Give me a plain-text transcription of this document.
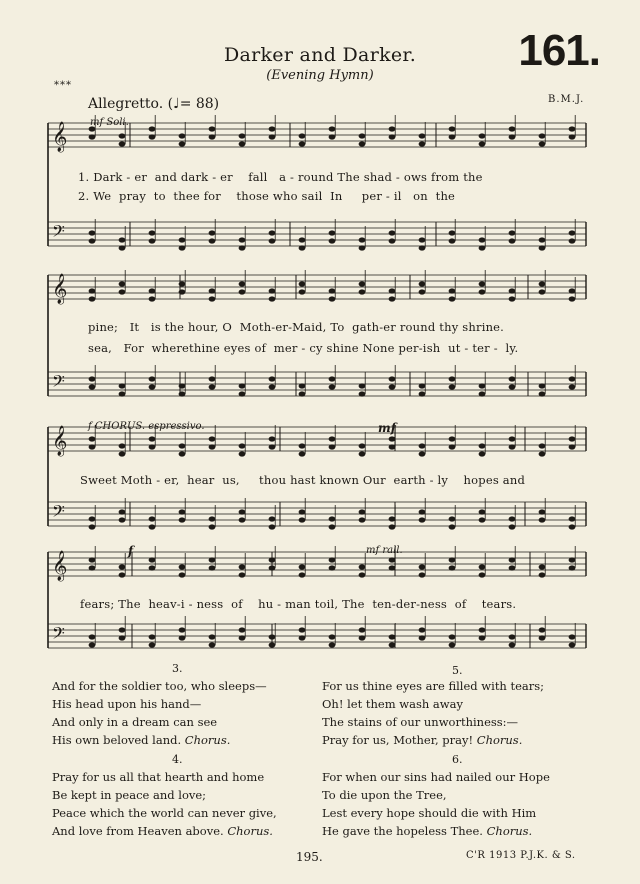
Darker and Darker.
(Evening Hymn)
161.
***
Allegretto. (♩= 88)	B.M.J.
𝄞
𝄢
𝄞
𝄢
𝄞
𝄢
𝄞
𝄢
mf Soli.
f CHORUS. espressivo.	mf
f	mf rall.
1. Dark - er  and dark - er    fall   a - round The shad - ows from the
2. We  pray  to  thee for    those who sail  In     per - il   on  the
pine;   It   is the hour, O  Moth-er-Maid, To  gath-er round thy shrine.
sea,   For  wherethine eyes of  mer - cy shine None per-ish  ut - ter -  ly.
Sweet Moth - er,  hear  us,     thou hast known Our  earth - ly    hopes and
fears; The  heav-i - ness  of    hu - man toil, The  ten-der-ness  of    tears.
3.
And for the soldier too, who sleeps—
His head upon his hand—
And only in a dream can see
His own beloved land. Chorus.
4.
Pray for us all that hearth and home
Be kept in peace and love;
Peace which the world can never give,
And love from Heaven above. Chorus.
5.
For us thine eyes are filled with tears;
Oh! let them wash away
The stains of our unworthiness:—
Pray for us, Mother, pray! Chorus.
6.
For when our sins had nailed our Hope
To die upon the Tree,
Lest every hope should die with Him
He gave the hopeless Thee. Chorus.
195.	C'R 1913 P.J.K. & S.
